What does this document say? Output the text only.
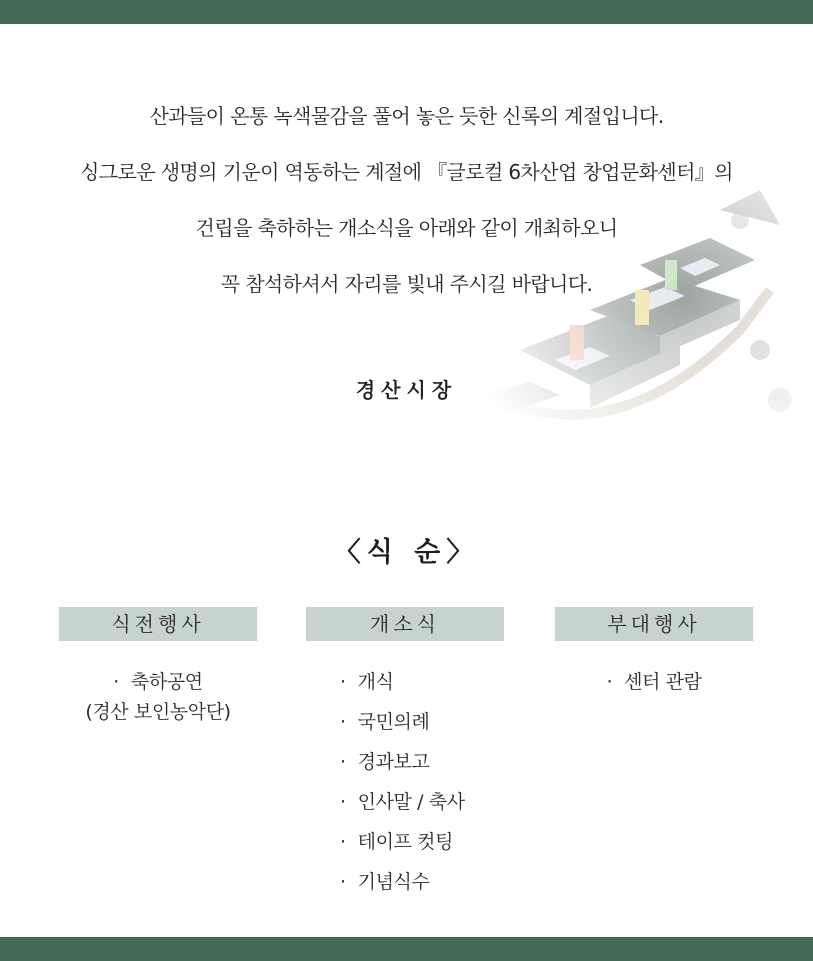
산과들이 온통 녹색물감을 풀어 놓은 듯한 신록의 계절입니다.

싱그로운 생명의 기운이 역동하는 계절에 『글로컬 6차산업 창업문화센터』의

건립을 축하하는 개소식을 아래와 같이 개최하오니

꼭 참석하셔서 자리를 빛내 주시길 바랍니다.

경산시장
〈식 순〉
식전행사
· 축하공연
(경산 보인농악단)
개소식
· 개식
· 국민의례
· 경과보고
· 인사말 / 축사
· 테이프 컷팅
· 기념식수
부대행사
· 센터 관람
